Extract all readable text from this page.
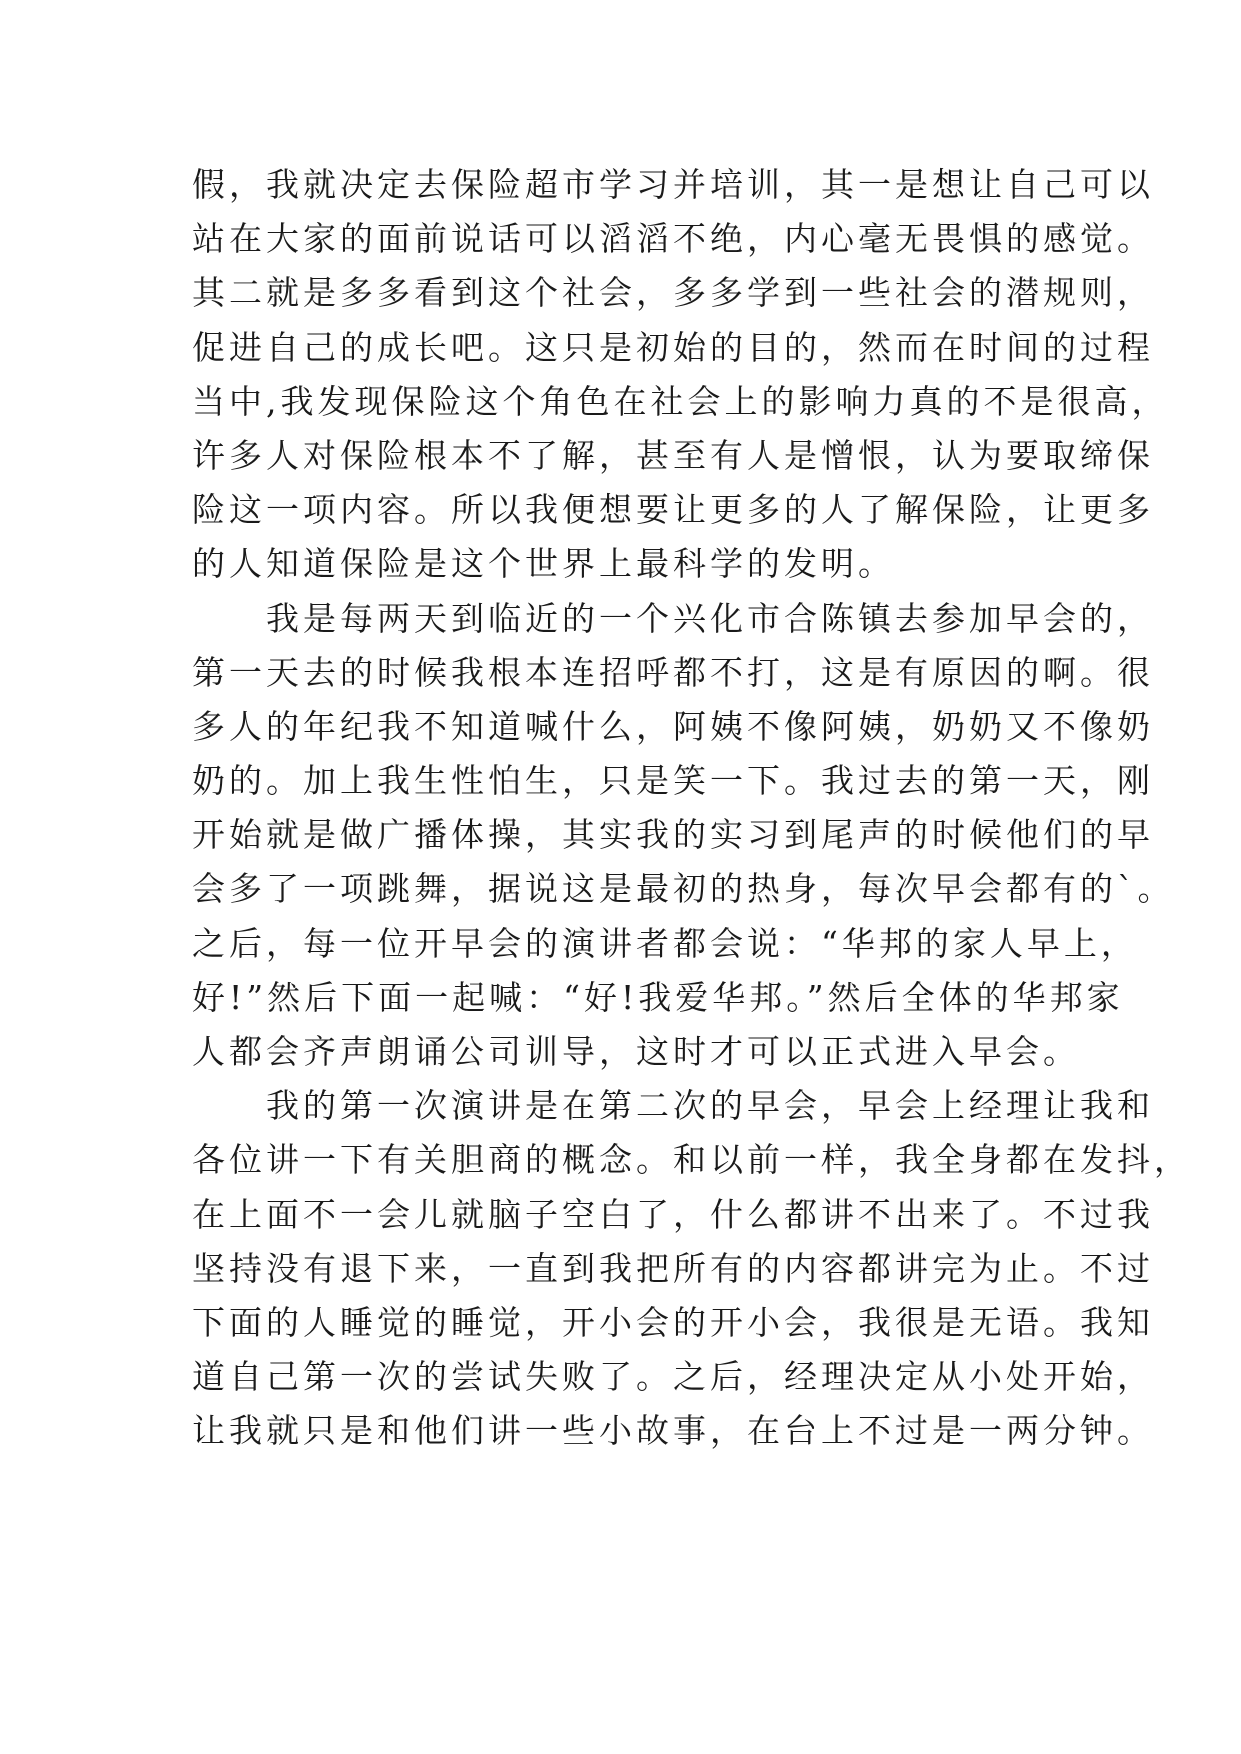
假，我就决定去保险超市学习并培训，其一是想让自己可以
站在大家的面前说话可以滔滔不绝，内心毫无畏惧的感觉。
其二就是多多看到这个社会，多多学到一些社会的潜规则，
促进自己的成长吧。这只是初始的目的，然而在时间的过程
当中,我发现保险这个角色在社会上的影响力真的不是很高，
许多人对保险根本不了解，甚至有人是憎恨，认为要取缔保
险这一项内容。所以我便想要让更多的人了解保险，让更多
的人知道保险是这个世界上最科学的发明。
　　我是每两天到临近的一个兴化市合陈镇去参加早会的，
第一天去的时候我根本连招呼都不打，这是有原因的啊。很
多人的年纪我不知道喊什么，阿姨不像阿姨，奶奶又不像奶
奶的。加上我生性怕生，只是笑一下。我过去的第一天，刚
开始就是做广播体操，其实我的实习到尾声的时候他们的早
会多了一项跳舞，据说这是最初的热身，每次早会都有的`。
之后，每一位开早会的演讲者都会说：“华邦的家人早上，
好!”然后下面一起喊：“好!我爱华邦。”然后全体的华邦家
人都会齐声朗诵公司训导，这时才可以正式进入早会。
　　我的第一次演讲是在第二次的早会，早会上经理让我和
各位讲一下有关胆商的概念。和以前一样，我全身都在发抖，
在上面不一会儿就脑子空白了，什么都讲不出来了。不过我
坚持没有退下来，一直到我把所有的内容都讲完为止。不过
下面的人睡觉的睡觉，开小会的开小会，我很是无语。我知
道自己第一次的尝试失败了。之后，经理决定从小处开始，
让我就只是和他们讲一些小故事，在台上不过是一两分钟。
